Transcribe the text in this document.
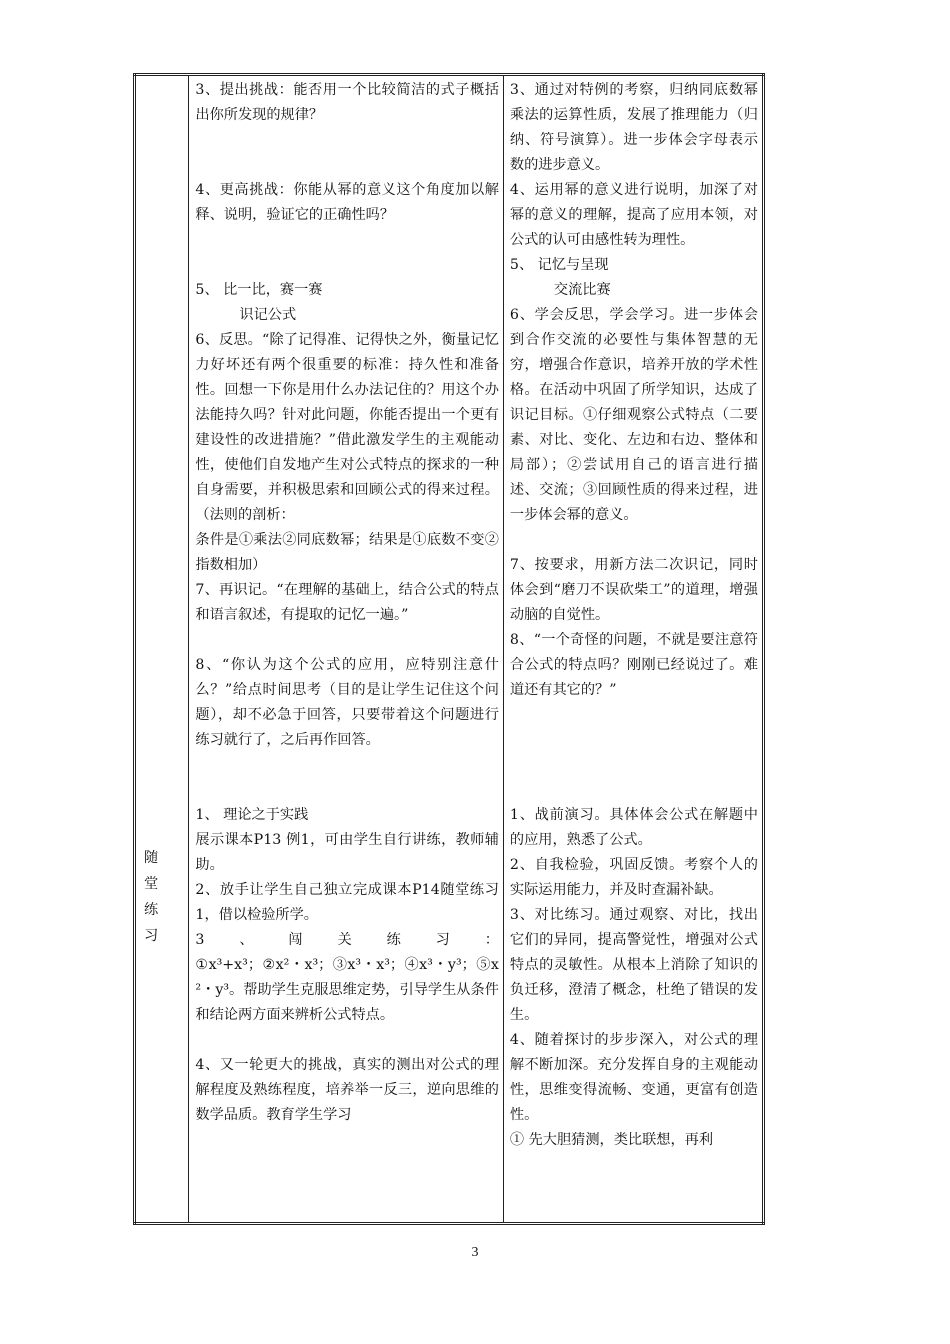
随　堂
练　习

3、提出挑战：能否用一个比较简洁的式子概括出你所发现的规律？
4、更高挑战：你能从幂的意义这个角度加以解释、说明，验证它的正确性吗？
5、 比一比，赛一赛
识记公式
6、反思。“除了记得准、记得快之外，衡量记忆力好坏还有两个很重要的标准：持久性和准备性。回想一下你是用什么办法记住的？用这个办法能持久吗？针对此问题，你能否提出一个更有建设性的改进措施？”借此激发学生的主观能动性，使他们自发地产生对公式特点的探求的一种自身需要，并积极思索和回顾公式的得来过程。（法则的剖析：
条件是①乘法②同底数幂；结果是①底数不变②指数相加）
7、再识记。“在理解的基础上，结合公式的特点和语言叙述，有提取的记忆一遍。”
8、“你认为这个公式的应用，应特别注意什么？”给点时间思考（目的是让学生记住这个问题），却不必急于回答，只要带着这个问题进行练习就行了，之后再作回答。
1、 理论之于实践
展示课本P13 例1，可由学生自行讲练，教师辅助。
2、放手让学生自己独立完成课本P14随堂练习1，借以检验所学。
3 、 闯 关 练 习 ：
①x³+x³；②x²・x³；③x³・x³；④x³・y³；⑤x²・y³。帮助学生克服思维定势，引导学生从条件和结论两方面来辨析公式特点。
4、又一轮更大的挑战，真实的测出对公式的理解程度及熟练程度，培养举一反三，逆向思维的数学品质。教育学生学习

3、通过对特例的考察，归纳同底数幂乘法的运算性质，发展了推理能力（归纳、符号演算）。进一步体会字母表示数的进步意义。
4、运用幂的意义进行说明，加深了对幂的意义的理解，提高了应用本领，对公式的认可由感性转为理性。
5、 记忆与呈现
交流比赛
6、学会反思，学会学习。进一步体会到合作交流的必要性与集体智慧的无穷，增强合作意识，培养开放的学术性格。在活动中巩固了所学知识，达成了识记目标。①仔细观察公式特点（二要素、对比、变化、左边和右边、整体和局部）；②尝试用自己的语言进行描述、交流；③回顾性质的得来过程，进一步体会幂的意义。
7、按要求，用新方法二次识记，同时体会到“磨刀不误砍柴工”的道理，增强动脑的自觉性。
8、“一个奇怪的问题，不就是要注意符合公式的特点吗？刚刚已经说过了。难道还有其它的？”
1、战前演习。具体体会公式在解题中的应用，熟悉了公式。
2、自我检验，巩固反馈。考察个人的实际运用能力，并及时查漏补缺。
3、对比练习。通过观察、对比，找出它们的异同，提高警觉性，增强对公式特点的灵敏性。从根本上消除了知识的负迁移，澄清了概念，杜绝了错误的发生。
4、随着探讨的步步深入，对公式的理解不断加深。充分发挥自身的主观能动性，思维变得流畅、变通，更富有创造性。
① 先大胆猜测，类比联想，再利
3
